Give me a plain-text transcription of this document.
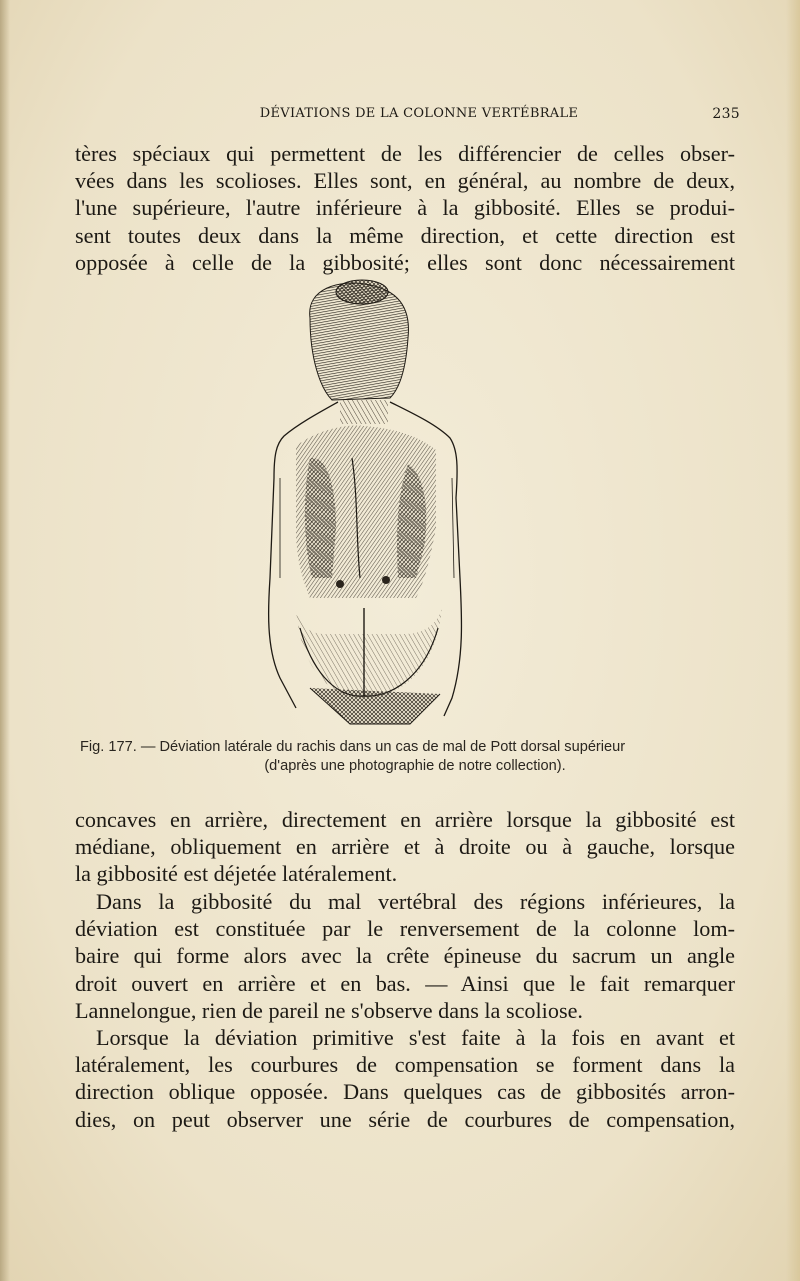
DÉVIATIONS DE LA COLONNE VERTÉBRALE	235

tères spéciaux qui permettent de les différencier de celles obser-
vées dans les scolioses. Elles sont, en général, au nombre de deux,
l'une supérieure, l'autre inférieure à la gibbosité. Elles se produi-
sent toutes deux dans la même direction, et cette direction est
opposée à celle de la gibbosité; elles sont donc nécessairement

Fig. 177. — Déviation latérale du rachis dans un cas de mal de Pott dorsal supérieur
(d'après une photographie de notre collection).

concaves en arrière, directement en arrière lorsque la gibbosité est
médiane, obliquement en arrière et à droite ou à gauche, lorsque
la gibbosité est déjetée latéralement.

Dans la gibbosité du mal vertébral des régions inférieures, la
déviation est constituée par le renversement de la colonne lom-
baire qui forme alors avec la crête épineuse du sacrum un angle
droit ouvert en arrière et en bas. — Ainsi que le fait remarquer
Lannelongue, rien de pareil ne s'observe dans la scoliose.

Lorsque la déviation primitive s'est faite à la fois en avant et
latéralement, les courbures de compensation se forment dans la
direction oblique opposée. Dans quelques cas de gibbosités arron-
dies, on peut observer une série de courbures de compensation,
